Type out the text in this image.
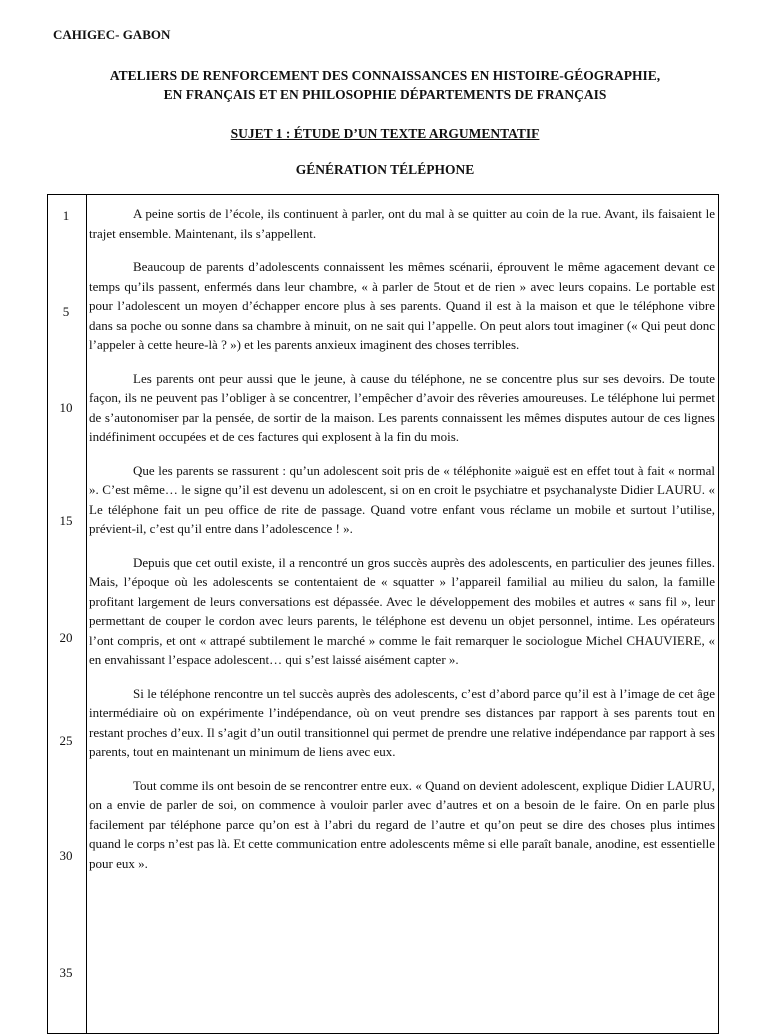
CAHIGEC- GABON
ATELIERS DE RENFORCEMENT DES CONNAISSANCES EN HISTOIRE-GÉOGRAPHIE,
EN FRANÇAIS ET EN PHILOSOPHIE DÉPARTEMENTS DE FRANÇAIS
SUJET 1 : ÉTUDE D’UN TEXTE ARGUMENTATIF
GÉNÉRATION TÉLÉPHONE
1
5
10
15
20
25
30
35

A peine sortis de l’école, ils continuent à parler, ont du mal à se quitter au coin de la rue. Avant, ils faisaient le trajet ensemble. Maintenant, ils s’appellent.

Beaucoup de parents d’adolescents connaissent les mêmes scénarii, éprouvent le même agacement devant ce temps qu’ils passent, enfermés dans leur chambre, « à parler de 5tout et de rien » avec leurs copains. Le portable est pour l’adolescent un moyen d’échapper encore plus à ses parents. Quand il est à la maison et que le téléphone vibre dans sa poche ou sonne dans sa chambre à minuit, on ne sait qui l’appelle. On peut alors tout imaginer (« Qui peut donc l’appeler à cette heure-là ? ») et les parents anxieux imaginent des choses terribles.

Les parents ont peur aussi que le jeune, à cause du téléphone, ne se concentre plus sur ses devoirs. De toute façon, ils ne peuvent pas l’obliger à se concentrer, l’empêcher d’avoir des rêveries amoureuses. Le téléphone lui permet de s’autonomiser par la pensée, de sortir de la maison. Les parents connaissent les mêmes disputes autour de ces lignes indéfiniment occupées et de ces factures qui explosent à la fin du mois.

Que les parents se rassurent : qu’un adolescent soit pris de « téléphonite »aiguë est en effet tout à fait « normal ». C’est même… le signe qu’il est devenu un adolescent, si on en croit le psychiatre et psychanalyste Didier LAURU. « Le téléphone fait un peu office de rite de passage. Quand votre enfant vous réclame un mobile et surtout l’utilise, prévient-il, c’est qu’il entre dans l’adolescence ! ».

Depuis que cet outil existe, il a rencontré un gros succès auprès des adolescents, en particulier des jeunes filles. Mais, l’époque où les adolescents se contentaient de « squatter » l’appareil familial au milieu du salon, la famille profitant largement de leurs conversations est dépassée. Avec le développement des mobiles et autres « sans fil », leur permettant de couper le cordon avec leurs parents, le téléphone est devenu un objet personnel, intime. Les opérateurs l’ont compris, et ont « attrapé subtilement le marché » comme le fait remarquer le sociologue Michel CHAUVIERE, « en envahissant l’espace adolescent… qui s’est laissé aisément capter ».

Si le téléphone rencontre un tel succès auprès des adolescents, c’est d’abord parce qu’il est à l’image de cet âge intermédiaire où on expérimente l’indépendance, où on veut prendre ses distances par rapport à ses parents tout en restant proches d’eux. Il s’agit d’un outil transitionnel qui permet de prendre une relative indépendance par rapport à ses parents, tout en maintenant un minimum de liens avec eux.

Tout comme ils ont besoin de se rencontrer entre eux. « Quand on devient adolescent, explique Didier LAURU, on a envie de parler de soi, on commence à vouloir parler avec d’autres et on a besoin de le faire. On en parle plus facilement par téléphone parce qu’on est à l’abri du regard de l’autre et qu’on peut se dire des choses plus intimes quand le corps n’est pas là. Et cette communication entre adolescents même si elle paraît banale, anodine, est essentielle pour eux ».
